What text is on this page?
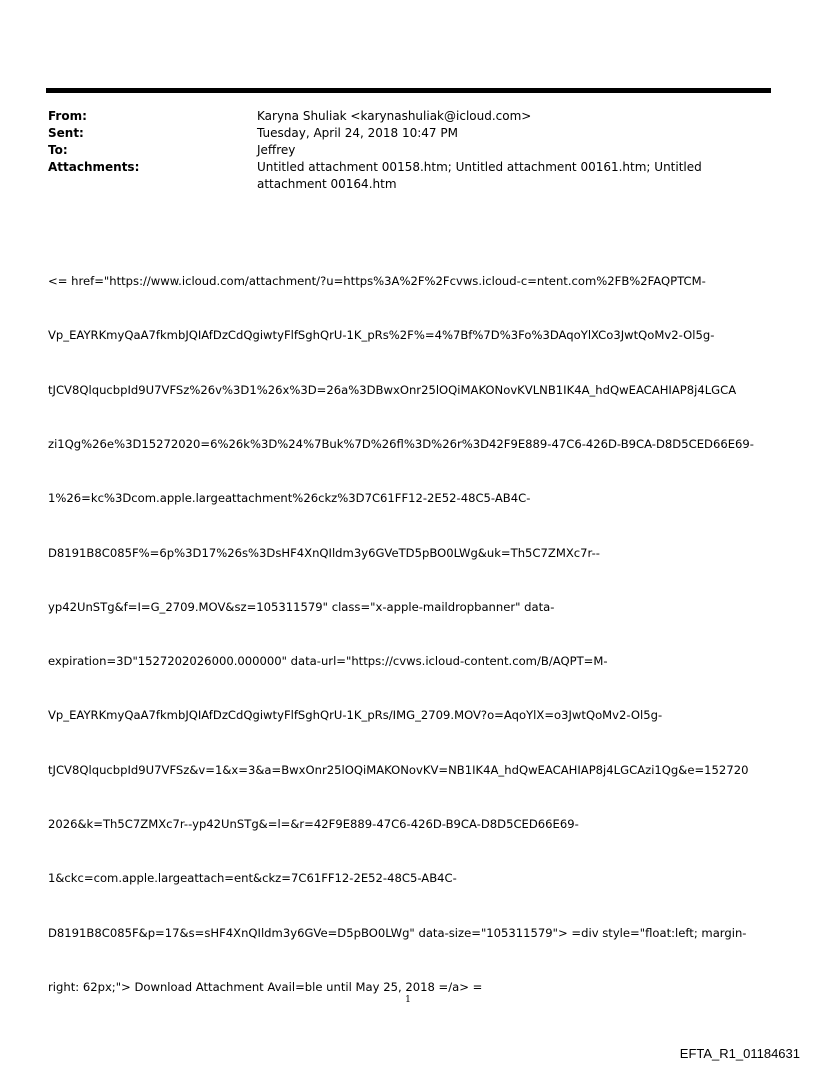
From:	Karyna Shuliak <karynashuliak@icloud.com>
Sent:	Tuesday, April 24, 2018 10:47 PM
To:	Jeffrey
Attachments:	Untitled attachment 00158.htm; Untitled attachment 00161.htm; Untitled attachment 00164.htm

<= href="https://www.icloud.com/attachment/?u=https%3A%2F%2Fcvws.icloud-c=ntent.com%2FB%2FAQPTCM-

Vp_EAYRKmyQaA7fkmbJQIAfDzCdQgiwtyFlfSghQrU-1K_pRs%2F%=4%7Bf%7D%3Fo%3DAqoYlXCo3JwtQoMv2-Ol5g-

tJCV8QlqucbpId9U7VFSz%26v%3D1%26x%3D=26a%3DBwxOnr25lOQiMAKONovKVLNB1IK4A_hdQwEACAHIAP8j4LGCA

zi1Qg%26e%3D15272020=6%26k%3D%24%7Buk%7D%26fl%3D%26r%3D42F9E889-47C6-426D-B9CA-D8D5CED66E69-

1%26=kc%3Dcom.apple.largeattachment%26ckz%3D7C61FF12-2E52-48C5-AB4C-

D8191B8C085F%=6p%3D17%26s%3DsHF4XnQIldm3y6GVeTD5pBO0LWg&uk=Th5C7ZMXc7r--

yp42UnSTg&f=I=G_2709.MOV&sz=105311579" class="x-apple-maildropbanner" data-

expiration=3D"1527202026000.000000" data-url="https://cvws.icloud-content.com/B/AQPT=M-

Vp_EAYRKmyQaA7fkmbJQIAfDzCdQgiwtyFlfSghQrU-1K_pRs/IMG_2709.MOV?o=AqoYlX=o3JwtQoMv2-Ol5g-

tJCV8QlqucbpId9U7VFSz&v=1&x=3&a=BwxOnr25lOQiMAKONovKV=NB1IK4A_hdQwEACAHIAP8j4LGCAzi1Qg&e=152720

2026&k=Th5C7ZMXc7r--yp42UnSTg&=l=&r=42F9E889-47C6-426D-B9CA-D8D5CED66E69-

1&ckc=com.apple.largeattach=ent&ckz=7C61FF12-2E52-48C5-AB4C-

D8191B8C085F&p=17&s=sHF4XnQIldm3y6GVe=D5pBO0LWg" data-size="105311579"> =div style="float:left; margin-

right: 62px;"> Download Attachment Avail=ble until May 25, 2018 =/a> =

1
EFTA_R1_01184631
